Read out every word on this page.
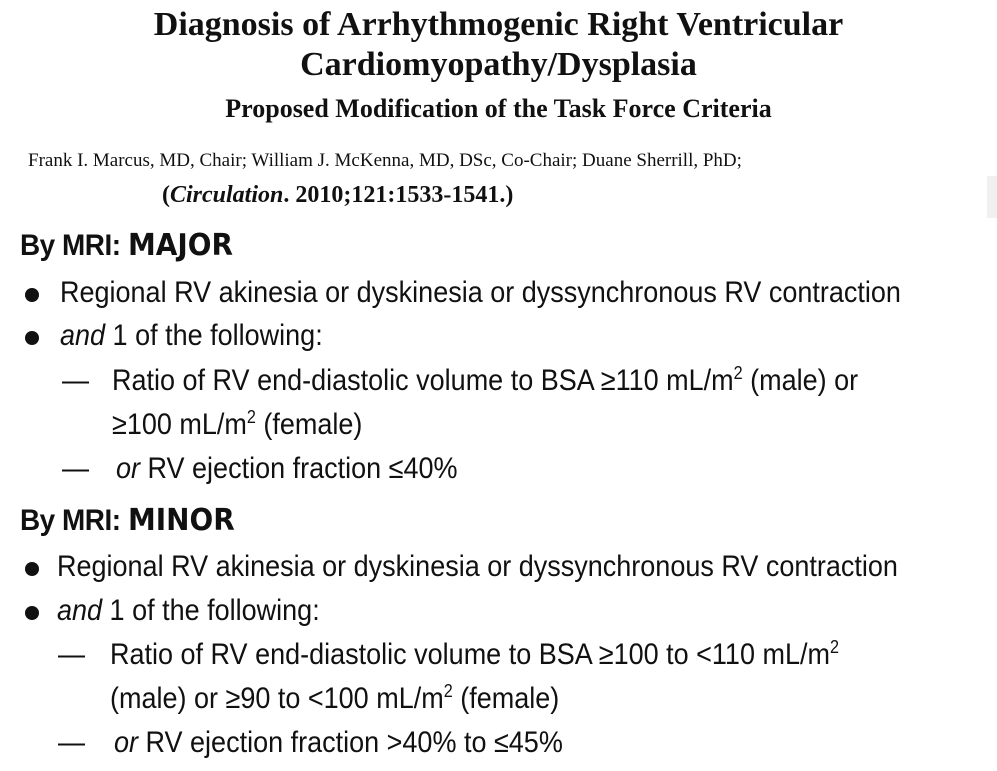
Diagnosis of Arrhythmogenic Right Ventricular
Cardiomyopathy/Dysplasia
Proposed Modification of the Task Force Criteria
Frank I. Marcus, MD, Chair; William J. McKenna, MD, DSc, Co-Chair; Duane Sherrill, PhD;
(Circulation. 2010;121:1533-1541.)
By MRI: MAJOR
Regional RV akinesia or dyskinesia or dyssynchronous RV contraction
and 1 of the following:
— Ratio of RV end-diastolic volume to BSA ≥110 $mL/m^2$ (male) or
≥100 $mL/m^2$ (female)
— or RV ejection fraction ≤40%
By MRI: MINOR
Regional RV akinesia or dyskinesia or dyssynchronous RV contraction
and 1 of the following:
— Ratio of RV end-diastolic volume to BSA ≥100 to <110 $mL/m^2$
(male) or ≥90 to <100 $mL/m^2$ (female)
— or RV ejection fraction >40% to ≤45%
